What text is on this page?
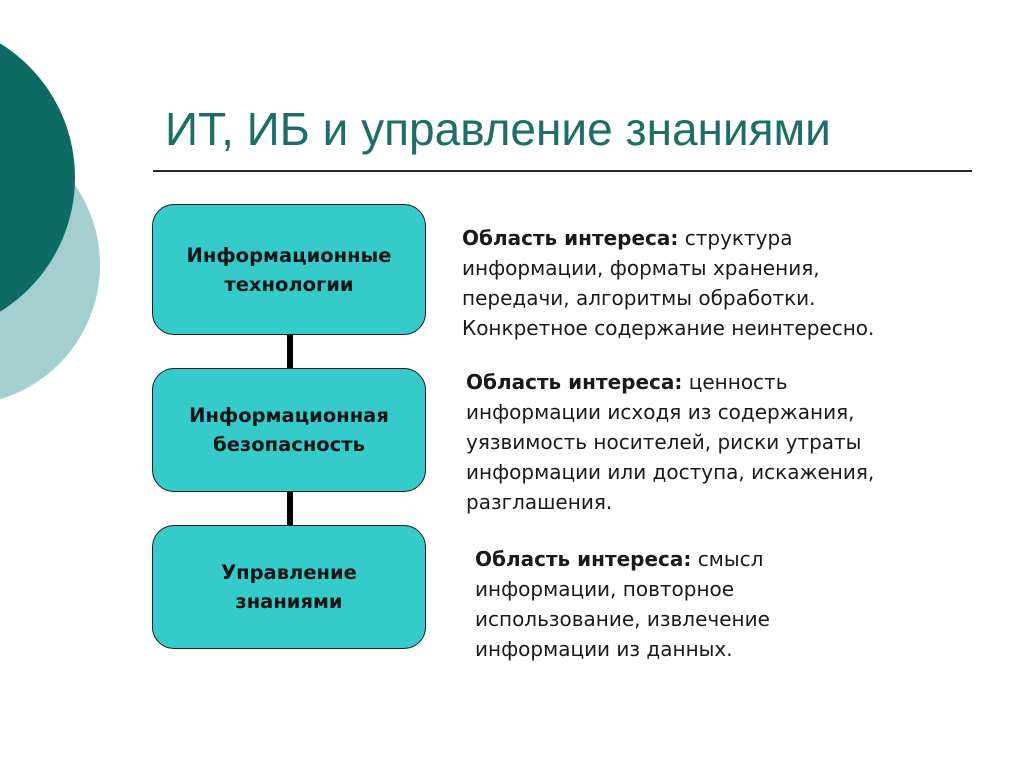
ИТ, ИБ и управление знаниями
Информационные
технологии
Информационная
безопасность
Управление
знаниями

Область интереса: структура
информации, форматы хранения,
передачи, алгоритмы обработки.
Конкретное содержание неинтересно.

Область интереса: ценность
информации исходя из содержания,
уязвимость носителей, риски утраты
информации или доступа, искажения,
разглашения.

Область интереса: смысл
информации, повторное
использование, извлечение
информации из данных.
